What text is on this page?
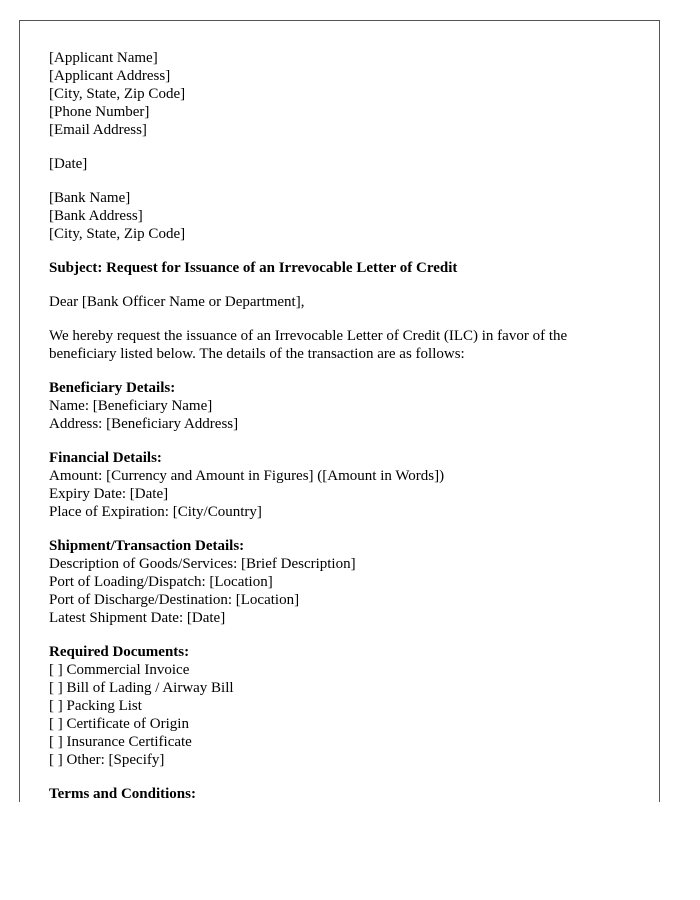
[Applicant Name]
[Applicant Address]
[City, State, Zip Code]
[Phone Number]
[Email Address]
[Date]
[Bank Name]
[Bank Address]
[City, State, Zip Code]
Subject: Request for Issuance of an Irrevocable Letter of Credit
Dear [Bank Officer Name or Department],

We hereby request the issuance of an Irrevocable Letter of Credit (ILC) in favor of the beneficiary listed below. The details of the transaction are as follows:

Beneficiary Details:
Name: [Beneficiary Name]
Address: [Beneficiary Address]
Financial Details:
Amount: [Currency and Amount in Figures] ([Amount in Words])
Expiry Date: [Date]
Place of Expiration: [City/Country]
Shipment/Transaction Details:
Description of Goods/Services: [Brief Description]
Port of Loading/Dispatch: [Location]
Port of Discharge/Destination: [Location]
Latest Shipment Date: [Date]
Required Documents:
[ ] Commercial Invoice
[ ] Bill of Lading / Airway Bill
[ ] Packing List
[ ] Certificate of Origin
[ ] Insurance Certificate
[ ] Other: [Specify]
Terms and Conditions:
